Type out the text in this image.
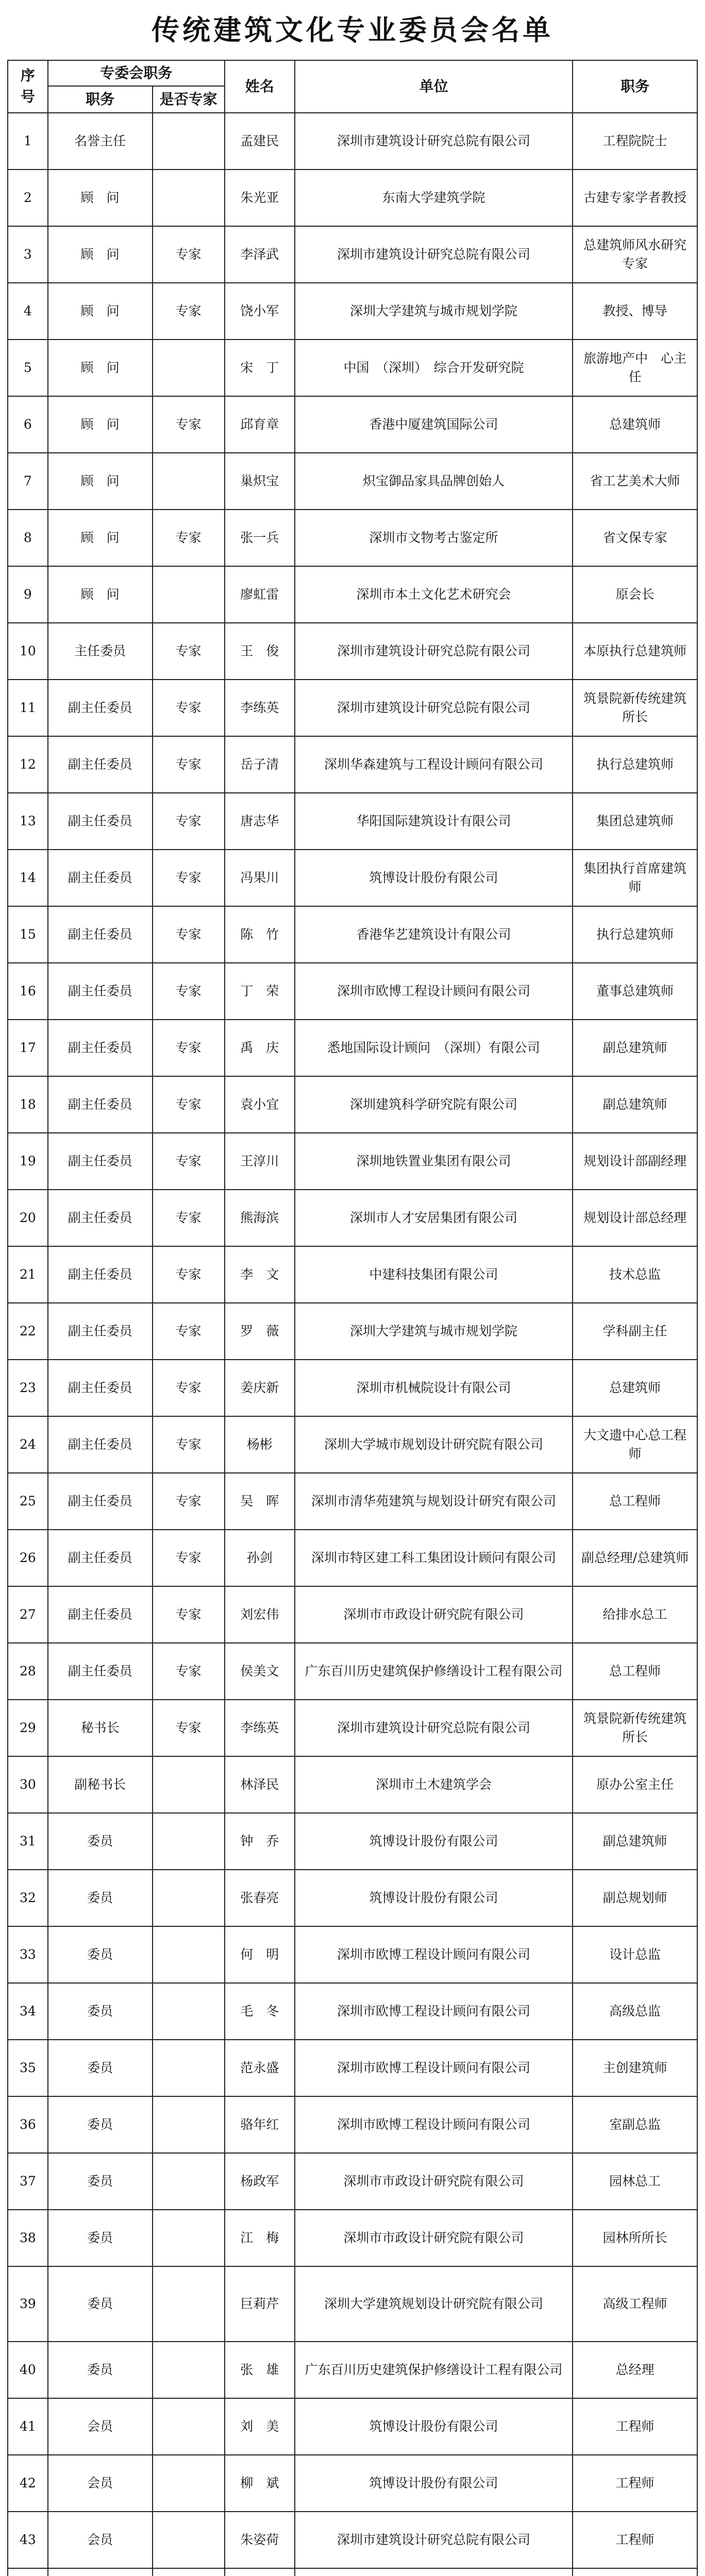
传统建筑文化专业委员会名单
序号	专委会职务		姓名	单位	职务
	职务	是否专家			
1	名誉主任		孟建民	深圳市建筑设计研究总院有限公司	工程院院士
2	顾　问		朱光亚	东南大学建筑学院	古建专家学者教授
3	顾　问	专家	李泽武	深圳市建筑设计研究总院有限公司	总建筑师风水研究专家
4	顾　问	专家	饶小军	深圳大学建筑与城市规划学院	教授、博导
5	顾　问		宋　丁	中国　（深圳）　综合开发研究院	旅游地产中　心主任
6	顾　问	专家	邱育章	香港中厦建筑国际公司	总建筑师
7	顾　问		巢炽宝	炽宝御品家具品牌创始人	省工艺美术大师
8	顾　问	专家	张一兵	深圳市文物考古鉴定所	省文保专家
9	顾　问		廖虹雷	深圳市本土文化艺术研究会	原会长
10	主任委员	专家	王　俊	深圳市建筑设计研究总院有限公司	本原执行总建筑师
11	副主任委员	专家	李练英	深圳市建筑设计研究总院有限公司	筑景院新传统建筑所长
12	副主任委员	专家	岳子清	深圳华森建筑与工程设计顾问有限公司	执行总建筑师
13	副主任委员	专家	唐志华	华阳国际建筑设计有限公司	集团总建筑师
14	副主任委员	专家	冯果川	筑博设计股份有限公司	集团执行首席建筑师
15	副主任委员	专家	陈　竹	香港华艺建筑设计有限公司	执行总建筑师
16	副主任委员	专家	丁　荣	深圳市欧博工程设计顾问有限公司	董事总建筑师
17	副主任委员	专家	禹　庆	悉地国际设计顾问　（深圳）有限公司	副总建筑师
18	副主任委员	专家	袁小宜	深圳建筑科学研究院有限公司	副总建筑师
19	副主任委员	专家	王淳川	深圳地铁置业集团有限公司	规划设计部副经理
20	副主任委员	专家	熊海滨	深圳市人才安居集团有限公司	规划设计部总经理
21	副主任委员	专家	李　文	中建科技集团有限公司	技术总监
22	副主任委员	专家	罗　薇	深圳大学建筑与城市规划学院	学科副主任
23	副主任委员	专家	姜庆新	深圳市机械院设计有限公司	总建筑师
24	副主任委员	专家	杨彬	深圳大学城市规划设计研究院有限公司	大文遗中心总工程师
25	副主任委员	专家	吴　晖	深圳市清华苑建筑与规划设计研究有限公司	总工程师
26	副主任委员	专家	孙剑	深圳市特区建工科工集团设计顾问有限公司	副总经理/总建筑师
27	副主任委员	专家	刘宏伟	深圳市市政设计研究院有限公司	给排水总工
28	副主任委员	专家	侯美文	广东百川历史建筑保护修缮设计工程有限公司	总工程师
29	秘书长	专家	李练英	深圳市建筑设计研究总院有限公司	筑景院新传统建筑所长
30	副秘书长		林泽民	深圳市土木建筑学会	原办公室主任
31	委员		钟　乔	筑博设计股份有限公司	副总建筑师
32	委员		张春亮	筑博设计股份有限公司	副总规划师
33	委员		何　明	深圳市欧博工程设计顾问有限公司	设计总监
34	委员		毛　冬	深圳市欧博工程设计顾问有限公司	高级总监
35	委员		范永盛	深圳市欧博工程设计顾问有限公司	主创建筑师
36	委员		骆年红	深圳市欧博工程设计顾问有限公司	室副总监
37	委员		杨政军	深圳市市政设计研究院有限公司	园林总工
38	委员		江　梅	深圳市市政设计研究院有限公司	园林所所长
39	委员		巨莉芹	深圳大学建筑规划设计研究院有限公司	高级工程师
40	委员		张　雄	广东百川历史建筑保护修缮设计工程有限公司	总经理
41	会员		刘　美	筑博设计股份有限公司	工程师
42	会员		柳　斌	筑博设计股份有限公司	工程师
43	会员		朱姿荷	深圳市建筑设计研究总院有限公司	工程师
